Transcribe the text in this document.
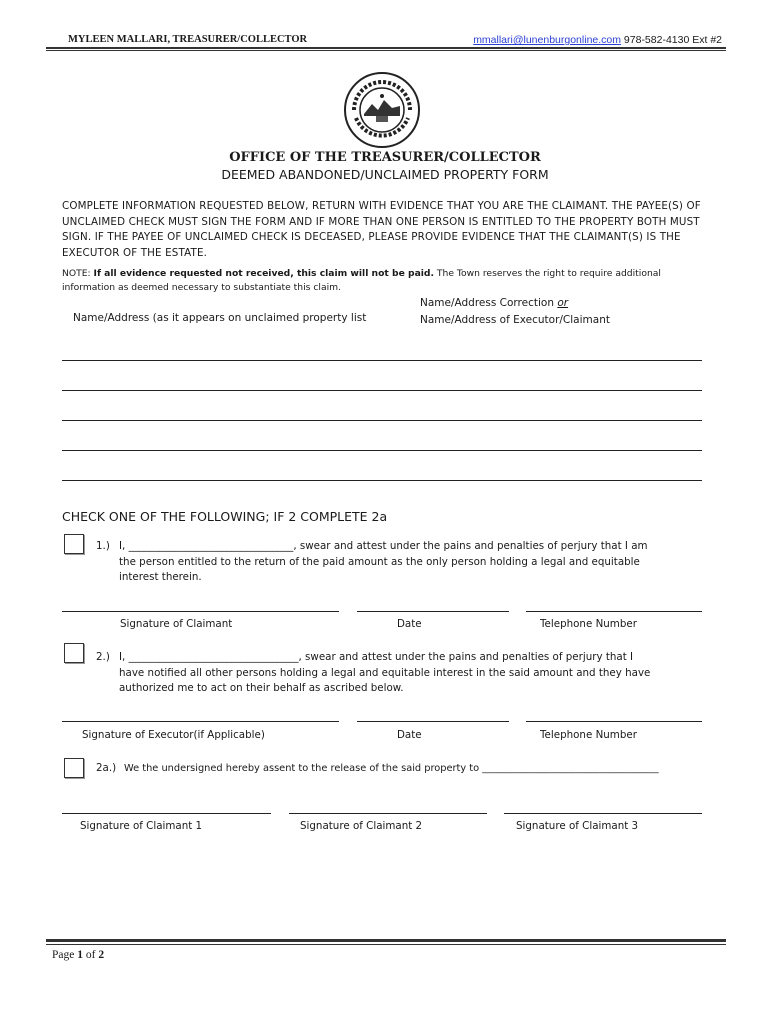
MYLEEN MALLARI, TREASURER/COLLECTOR	mmallari@lunenburgonline.com 978-582-4130 Ext #2
OFFICE OF THE TREASURER/COLLECTOR
DEEMED ABANDONED/UNCLAIMED PROPERTY FORM
COMPLETE INFORMATION REQUESTED BELOW, RETURN WITH EVIDENCE THAT YOU ARE THE CLAIMANT. THE PAYEE(S) OF UNCLAIMED CHECK MUST SIGN THE FORM AND IF MORE THAN ONE PERSON IS ENTITLED TO THE PROPERTY BOTH MUST SIGN. IF THE PAYEE OF UNCLAIMED CHECK IS DECEASED, PLEASE PROVIDE EVIDENCE THAT THE CLAIMANT(S) IS THE EXECUTOR OF THE ESTATE.
NOTE: If all evidence requested not received, this claim will not be paid. The Town reserves the right to require additional information as deemed necessary to substantiate this claim.
Name/Address (as it appears on unclaimed property list
Name/Address Correction or
Name/Address of Executor/Claimant
CHECK ONE OF THE FOLLOWING; IF 2 COMPLETE 2a
1.) I, ________________________________, swear and attest under the pains and penalties of perjury that I am
the person entitled to the return of the paid amount as the only person holding a legal and equitable
interest therein.
Signature of Claimant	Date	Telephone Number
2.) I, _________________________________, swear and attest under the pains and penalties of perjury that I
have notified all other persons holding a legal and equitable interest in the said amount and they have
authorized me to act on their behalf as ascribed below.
Signature of Executor(if Applicable)	Date	Telephone Number
2a.) We the undersigned hereby assent to the release of the said property to ____________________________________
Signature of Claimant 1	Signature of Claimant 2	Signature of Claimant 3
Page 1 of 2
